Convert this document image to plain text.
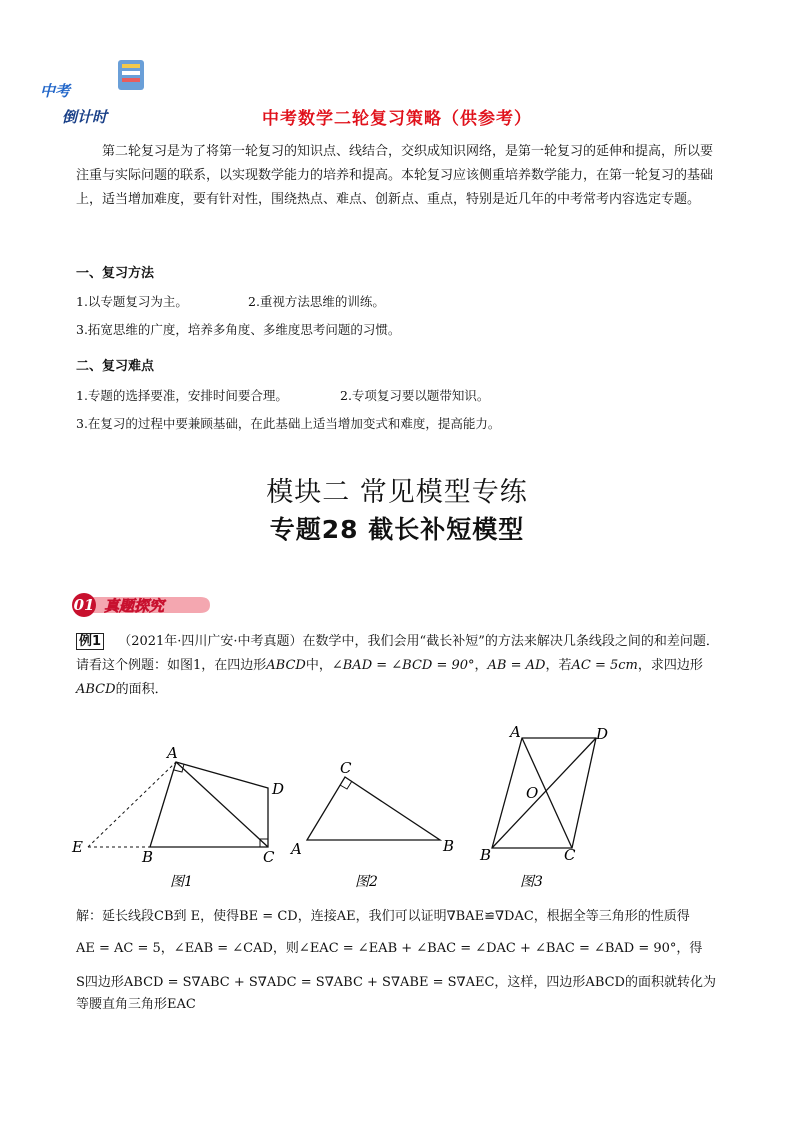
中考
倒计时	中考数学二轮复习策略（供参考）
第二轮复习是为了将第一轮复习的知识点、线结合，交织成知识网络，是第一轮复习的延伸和提高，所以要注重与实际问题的联系，以实现数学能力的培养和提高。本轮复习应该侧重培养数学能力，在第一轮复习的基础上，适当增加难度，要有针对性，围绕热点、难点、创新点、重点，特别是近几年的中考常考内容选定专题。
一、复习方法
1.以专题复习为主。	2.重视方法思维的训练。
3.拓宽思维的广度，培养多角度、多维度思考问题的习惯。
二、复习难点
1.专题的选择要准，安排时间要合理。	2.专项复习要以题带知识。
3.在复习的过程中要兼顾基础，在此基础上适当增加变式和难度，提高能力。
模块二 常见模型专练
专题28 截长补短模型
01 真题探究
例1 （2021年·四川广安·中考真题）在数学中，我们会用“截长补短”的方法来解决几条线段之间的和差问题．请看这个例题：如图1，在四边形ABCD中，∠BAD = ∠BCD = 90°，AB = AD，若AC = 5cm，求四边形ABCD的面积．
A
D
E
B	C
图1
C
A	B
图2
A	D
O
B	C
图3
解：延长线段CB到 E，使得BE = CD，连接AE，我们可以证明∇BAE≌∇DAC，根据全等三角形的性质得
AE = AC = 5，∠EAB = ∠CAD，则∠EAC = ∠EAB + ∠BAC = ∠DAC + ∠BAC = ∠BAD = 90°，得
S四边形ABCD = S∇ABC + S∇ADC = S∇ABC + S∇ABE = S∇AEC，这样，四边形ABCD的面积就转化为等腰直角三角形EAC
